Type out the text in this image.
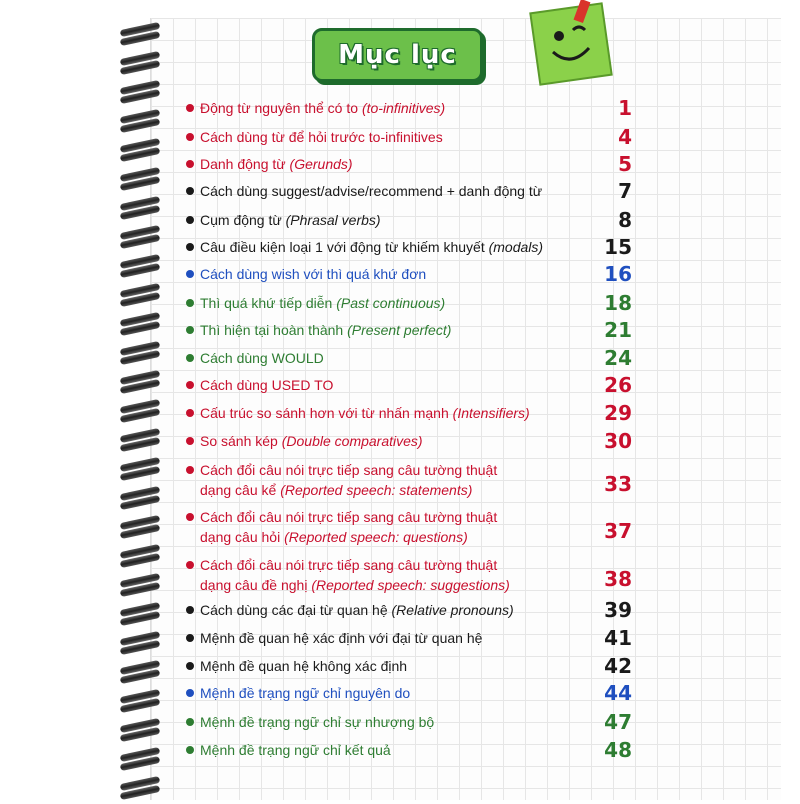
Mục lục
Động từ nguyên thể có to (to-infinitives)	1
Cách dùng từ để hỏi trước to-infinitives	4
Danh động từ (Gerunds)	5
Cách dùng suggest/advise/recommend + danh động từ	7
Cụm động từ (Phrasal verbs)	8
Câu điều kiện loại 1 với động từ khiếm khuyết (modals)	15
Cách dùng wish với thì quá khứ đơn	16
Thì quá khứ tiếp diễn (Past continuous)	18
Thì hiện tại hoàn thành (Present perfect)	21
Cách dùng WOULD	24
Cách dùng USED TO	26
Cấu trúc so sánh hơn với từ nhấn mạnh (Intensifiers)	29
So sánh kép (Double comparatives)	30
Cách đổi câu nói trực tiếp sang câu tường thuật
dạng câu kể (Reported speech: statements)	33
Cách đổi câu nói trực tiếp sang câu tường thuật
dạng câu hỏi (Reported speech: questions)	37
Cách đổi câu nói trực tiếp sang câu tường thuật
dạng câu đề nghị (Reported speech: suggestions)	38
Cách dùng các đại từ quan hệ (Relative pronouns)	39
Mệnh đề quan hệ xác định với đại từ quan hệ	41
Mệnh đề quan hệ không xác định	42
Mệnh đề trạng ngữ chỉ nguyên do	44
Mệnh đề trạng ngữ chỉ sự nhượng bộ	47
Mệnh đề trạng ngữ chỉ kết quả	48
